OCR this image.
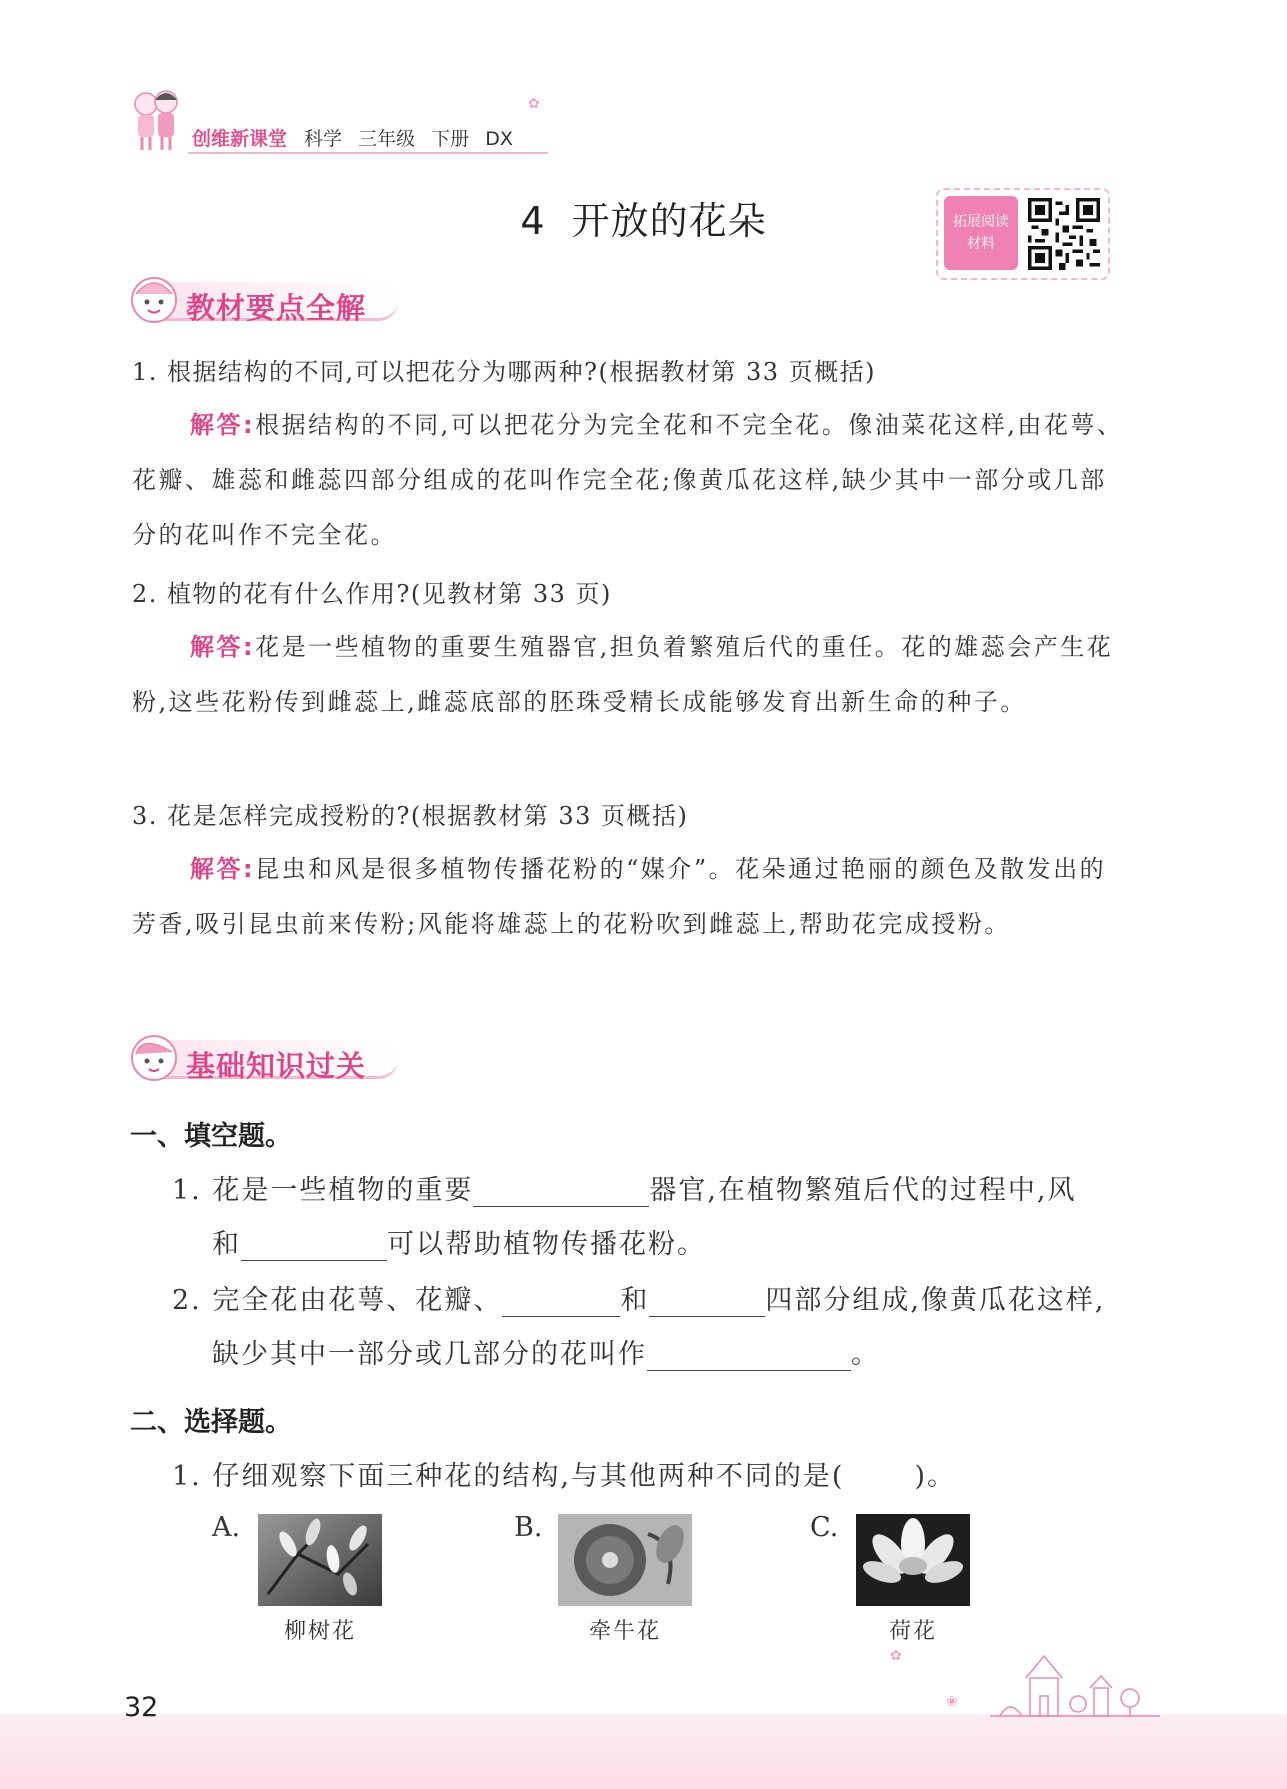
创维新课堂 科学 三年级 下册 DX
✿
4 开放的花朵	拓展阅读
材料
教材要点全解
1. 根据结构的不同,可以把花分为哪两种?(根据教材第 33 页概括)
解答:根据结构的不同,可以把花分为完全花和不完全花。像油菜花这样,由花萼、花瓣、雄蕊和雌蕊四部分组成的花叫作完全花;像黄瓜花这样,缺少其中一部分或几部分的花叫作不完全花。
2. 植物的花有什么作用?(见教材第 33 页)
解答:花是一些植物的重要生殖器官,担负着繁殖后代的重任。花的雄蕊会产生花粉,这些花粉传到雌蕊上,雌蕊底部的胚珠受精长成能够发育出新生命的种子。
3. 花是怎样完成授粉的?(根据教材第 33 页概括)
解答:昆虫和风是很多植物传播花粉的“媒介”。花朵通过艳丽的颜色及散发出的芳香,吸引昆虫前来传粉;风能将雄蕊上的花粉吹到雌蕊上,帮助花完成授粉。
基础知识过关
一、填空题。
1. 花是一些植物的重要	器官,在植物繁殖后代的过程中,风
和	可以帮助植物传播花粉。
2. 完全花由花萼、花瓣、	和	四部分组成,像黄瓜花这样,
缺少其中一部分或几部分的花叫作	。
二、选择题。
1. 仔细观察下面三种花的结构,与其他两种不同的是(	)。
A.
柳树花
B.
牵牛花
C.
荷花
32
✿
❀
